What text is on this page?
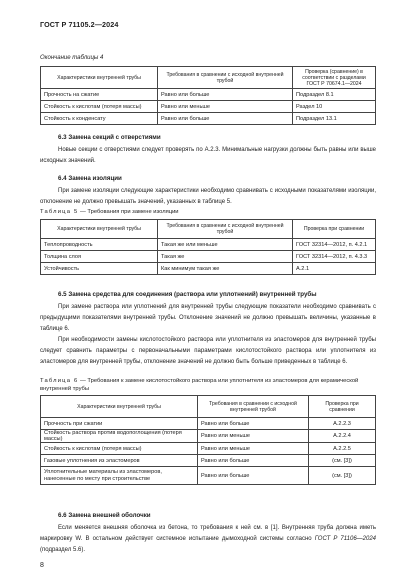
ГОСТ Р 71105.2—2024
Окончание таблицы 4
Характеристики внутренней трубы	Требования в сравнении с исходной внутренней трубой	Проверка (сравнение) в соответствии с разделами ГОСТ Р 70674.1—2024
Прочность на сжатие	Равно или больше	Подраздел 8.1
Стойкость к кислотам (потеря массы)	Равно или меньше	Раздел 10
Стойкость к конденсату	Равно или больше	Подраздел 13.1
6.3 Замена секций с отверстиями
Новые секции с отверстиями следует проверять по А.2.3. Минимальные нагрузки должны быть равны или выше исходных значений.
6.4 Замена изоляции
При замене изоляции следующие характеристики необходимо сравнивать с исходными показателями изоляции, отклонение не должно превышать значений, указанных в таблице 5.
Таблица 5 — Требования при замене изоляции
Характеристики внутренней трубы	Требования в сравнении с исходной внутренней трубой	Проверка при сравнении
Теплопроводность	Такая же или меньше	ГОСТ 32314—2012, п. 4.2.1
Толщина слоя	Такая же	ГОСТ 32314—2012, п. 4.3.3
Устойчивость	Как минимум такая же	А.2.1
6.5 Замена средства для соединения (раствора или уплотнений) внутренней трубы
При замене раствора или уплотнений для внутренней трубы следующие показатели необходимо сравнивать с предыдущими показателями внутренней трубы. Отклонение значений не должно превышать величины, указанные в таблице 6.
При необходимости замены кислотостойкого раствора или уплотнителя из эластомеров для внутренней трубы следует сравнить параметры с первоначальными параметрами кислотостойкого раствора или уплотнителя из эластомеров для внутренней трубы, отклонение значений не должно быть больше приведенных в таблице 6.
Таблица 6 — Требования к замене кислотостойкого раствора или уплотнителя из эластомеров для керамической внутренней трубы
Характеристики внутренней трубы	Требования в сравнении с исходной внутренней трубой	Проверка при сравнении
Прочность при сжатии	Равно или больше	А.2.2.3
Стойкость раствора против водопоглощения (потеря массы)	Равно или меньше	А.2.2.4
Стойкость к кислотам (потеря массы)	Равно или меньше	А.2.2.5
Газовые уплотнения из эластомеров	Равно или больше	(см. [3])
Уплотнительные материалы из эластомеров, нанесенные по месту при строительстве	Равно или больше	(см. [3])
6.6 Замена внешней оболочки
Если меняется внешняя оболочка из бетона, то требования к ней см. в [1]. Внутренняя труба должна иметь маркировку W. В остальном действует системное испытание дымоходной системы согласно ГОСТ Р 71106—2024 (подраздел 5.6).
8
